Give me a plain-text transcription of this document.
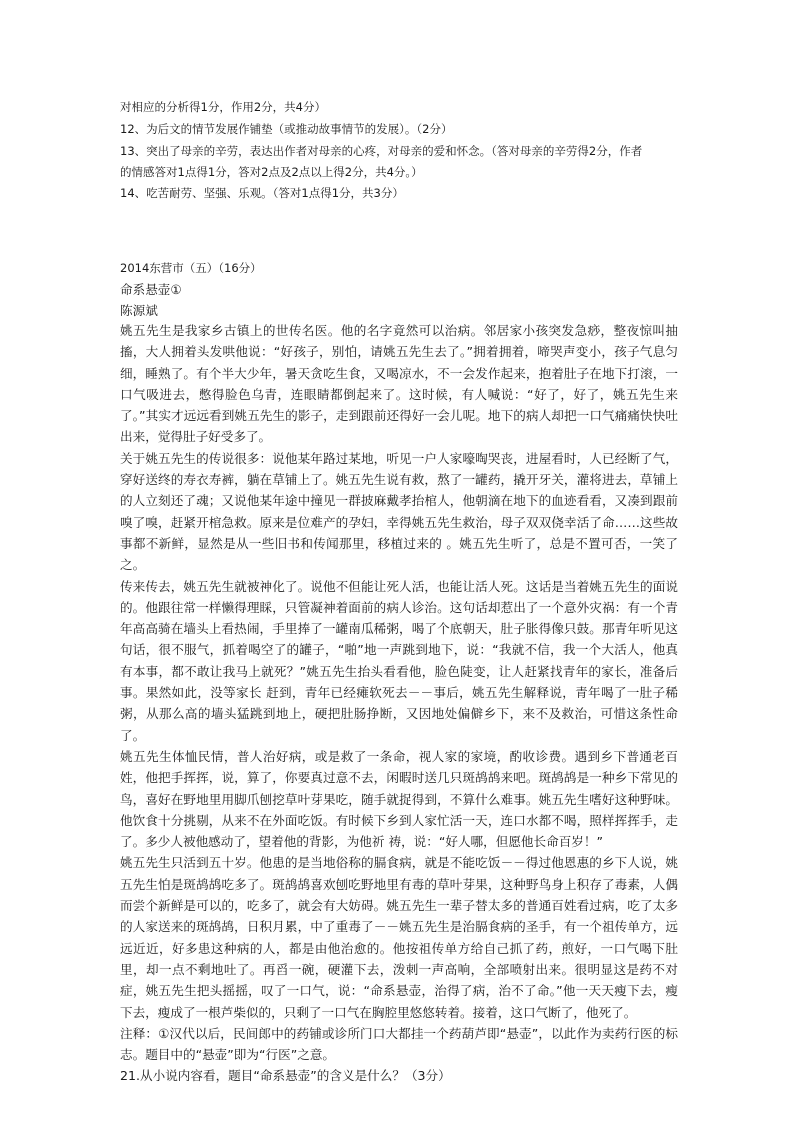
对相应的分析得1分，作用2分，共4分）
12、为后文的情节发展作铺垫（或推动故事情节的发展）。（2分）
13、突出了母亲的辛劳，表达出作者对母亲的心疼，对母亲的爱和怀念。（答对母亲的辛劳得2分，作者
的情感答对1点得1分，答对2点及2点以上得2分，共4分。）
14、吃苦耐劳、坚强、乐观。（答对1点得1分，共3分）
2014东营市（五）（16分）
命系悬壶①
陈源斌

姚五先生是我家乡古镇上的世传名医。他的名字竟然可以治病。邻居家小孩突发急痧，整夜惊叫抽搐，大人拥着头发哄他说：“好孩子，别怕，请姚五先生去了。”拥着拥着，啼哭声变小，孩子气息匀细，睡熟了。有个半大少年，暑天贪吃生食，又喝凉水，不一会发作起来，抱着肚子在地下打滚，一口气吸进去，憋得脸色乌青，连眼睛都倒起来了。这时候，有人喊说：“好了，好了，姚五先生来了。”其实才远远看到姚五先生的影子，走到跟前还得好一会儿呢。地下的病人却把一口气痛痛快快吐出来，觉得肚子好受多了。

关于姚五先生的传说很多：说他某年路过某地，听见一户人家嚎啕哭丧，进屋看时，人已经断了气，穿好送终的寿衣寿裤，躺在草铺上了。姚五先生说有救，熬了一罐药，撬开牙关，灌将进去，草铺上的人立刻还了魂；又说他某年途中撞见一群披麻戴孝抬棺人，他朝滴在地下的血迹看看，又凑到跟前嗅了嗅，赶紧开棺急救。原来是位难产的孕妇，幸得姚五先生救治，母子双双侥幸活了命……这些故事都不新鲜，显然是从一些旧书和传闻那里，移植过来的 。姚五先生听了，总是不置可否，一笑了之。

传来传去，姚五先生就被神化了。说他不但能让死人活，也能让活人死。这话是当着姚五先生的面说的。他跟往常一样懒得理睬，只管凝神着面前的病人诊治。这句话却惹出了一个意外灾祸：有一个青年高高骑在墙头上看热闹，手里捧了一罐南瓜稀粥，喝了个底朝天，肚子胀得像只鼓。那青年听见这句话，很不服气，抓着喝空了的罐子，“啪”地一声跳到地下，说：“我就不信，我一个大活人，他真有本事，都不敢让我马上就死？”姚五先生抬头看看他，脸色陡变，让人赶紧找青年的家长，准备后事。果然如此，没等家长 赶到，青年已经瘫软死去－－事后，姚五先生解释说，青年喝了一肚子稀粥，从那么高的墙头猛跳到地上，硬把肚肠挣断，又因地处偏僻乡下，来不及救治，可惜这条性命了。

姚五先生体恤民情，普人治好病，或是救了一条命，视人家的家境，酌收诊费。遇到乡下普通老百姓，他把手挥挥，说，算了，你要真过意不去，闲暇时送几只斑鸪鸪来吧。斑鸪鸪是一种乡下常见的鸟，喜好在野地里用脚爪刨挖草叶芽果吃，随手就捉得到，不算什么难事。姚五先生嗜好这种野味。他饮食十分挑剔，从来不在外面吃饭。有时候下乡到人家忙活一天，连口水都不喝，照样挥挥手，走了。多少人被他感动了，望着他的背影，为他祈 祷，说：“好人哪，但愿他长命百岁！”

姚五先生只活到五十岁。他患的是当地俗称的膈食病，就是不能吃饭－－得过他恩惠的乡下人说，姚五先生怕是斑鸪鸪吃多了。斑鸪鸪喜欢刨吃野地里有毒的草叶芽果，这种野鸟身上积存了毒素，人偶而尝个新鲜是可以的，吃多了，就会有大妨碍。姚五先生一辈子替太多的普通百姓看过病，吃了太多的人家送来的斑鸪鸪，日积月累，中了重毒了－－姚五先生是治膈食病的圣手，有一个祖传单方，远远近近，好多患这种病的人，都是由他治愈的。他按祖传单方给自己抓了药，煎好，一口气喝下肚里，却一点不剩地吐了。再舀一碗，硬灌下去，泼刺一声高响，全部喷射出来。很明显这是药不对症，姚五先生把头摇摇，叹了一口气，说：“命系悬壶，治得了病，治不了命。”他一天天瘦下去，瘦下去，瘦成了一根芦柴似的，只剩了一口气在胸腔里悠悠转着。接着，这口气断了，他死了。

注释：①汉代以后，民间郎中的药铺或诊所门口大都挂一个药葫芦即“悬壶”，以此作为卖药行医的标志。题目中的“悬壶”即为“行医”之意。

21.从小说内容看，题目“命系悬壶”的含义是什么？（3分）
